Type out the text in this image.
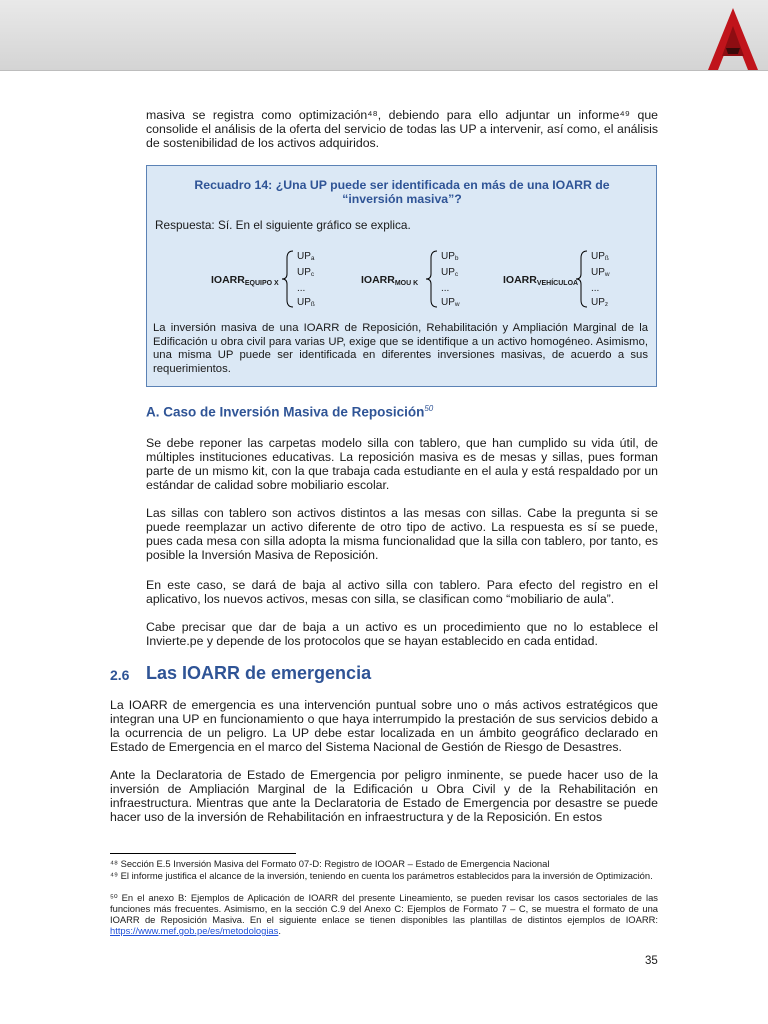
masiva se registra como optimización⁴⁸, debiendo para ello adjuntar un informe⁴⁹ que consolide el análisis de la oferta del servicio de todas las UP a intervenir, así como, el análisis de sostenibilidad de los activos adquiridos.

Recuadro 14: ¿Una UP puede ser identificada en más de una IOARR de “inversión masiva”?
Respuesta: Sí. En el siguiente gráfico se explica.
$IOARR_{EQUIPO X}$
$UP_a$
$UP_c$
...
$UP_ß$
$IOARR_{MOU K}$
$UP_b$
$UP_c$
...
$UP_w$
$IOARR_{VEHÍCULOA}$
$UP_ß$
$UP_w$
...
$UP_z$
La inversión masiva de una IOARR de Reposición, Rehabilitación y Ampliación Marginal de la Edificación u obra civil para varias UP, exige que se identifique a un activo homogéneo. Asimismo, una misma UP puede ser identificada en diferentes inversiones masivas, de acuerdo a sus requerimientos.
A. Caso de Inversión Masiva de Reposición$^{50}$

Se debe reponer las carpetas modelo silla con tablero, que han cumplido su vida útil, de múltiples instituciones educativas. La reposición masiva es de mesas y sillas, pues forman parte de un mismo kit, con la que trabaja cada estudiante en el aula y está respaldado por un estándar de calidad sobre mobiliario escolar.

Las sillas con tablero son activos distintos a las mesas con sillas. Cabe la pregunta si se puede reemplazar un activo diferente de otro tipo de activo. La respuesta es sí se puede, pues cada mesa con silla adopta la misma funcionalidad que la silla con tablero, por tanto, es posible la Inversión Masiva de Reposición.

En este caso, se dará de baja al activo silla con tablero. Para efecto del registro en el aplicativo, los nuevos activos, mesas con silla, se clasifican como “mobiliario de aula”.

Cabe precisar que dar de baja a un activo es un procedimiento que no lo establece el Invierte.pe y depende de los protocolos que se hayan establecido en cada entidad.

2.6 Las IOARR de emergencia

La IOARR de emergencia es una intervención puntual sobre uno o más activos estratégicos que integran una UP en funcionamiento o que haya interrumpido la prestación de sus servicios debido a la ocurrencia de un peligro. La UP debe estar localizada en un ámbito geográfico declarado en Estado de Emergencia en el marco del Sistema Nacional de Gestión de Riesgo de Desastres.

Ante la Declaratoria de Estado de Emergencia por peligro inminente, se puede hacer uso de la inversión de Ampliación Marginal de la Edificación u Obra Civil y de la Rehabilitación en infraestructura. Mientras que ante la Declaratoria de Estado de Emergencia por desastre se puede hacer uso de la inversión de Rehabilitación en infraestructura y de la Reposición. En estos

⁴⁸ Sección E.5 Inversión Masiva del Formato 07-D: Registro de IOOAR – Estado de Emergencia Nacional

⁴⁹ El informe justifica el alcance de la inversión, teniendo en cuenta los parámetros establecidos para la inversión de Optimización.

⁵⁰ En el anexo B: Ejemplos de Aplicación de IOARR del presente Lineamiento, se pueden revisar los casos sectoriales de las funciones más frecuentes. Asimismo, en la sección C.9 del Anexo C: Ejemplos de Formato 7 – C, se muestra el formato de una IOARR de Reposición Masiva. En el siguiente enlace se tienen disponibles las plantillas de distintos ejemplos de IOARR: https://www.mef.gob.pe/es/metodologias.

35
